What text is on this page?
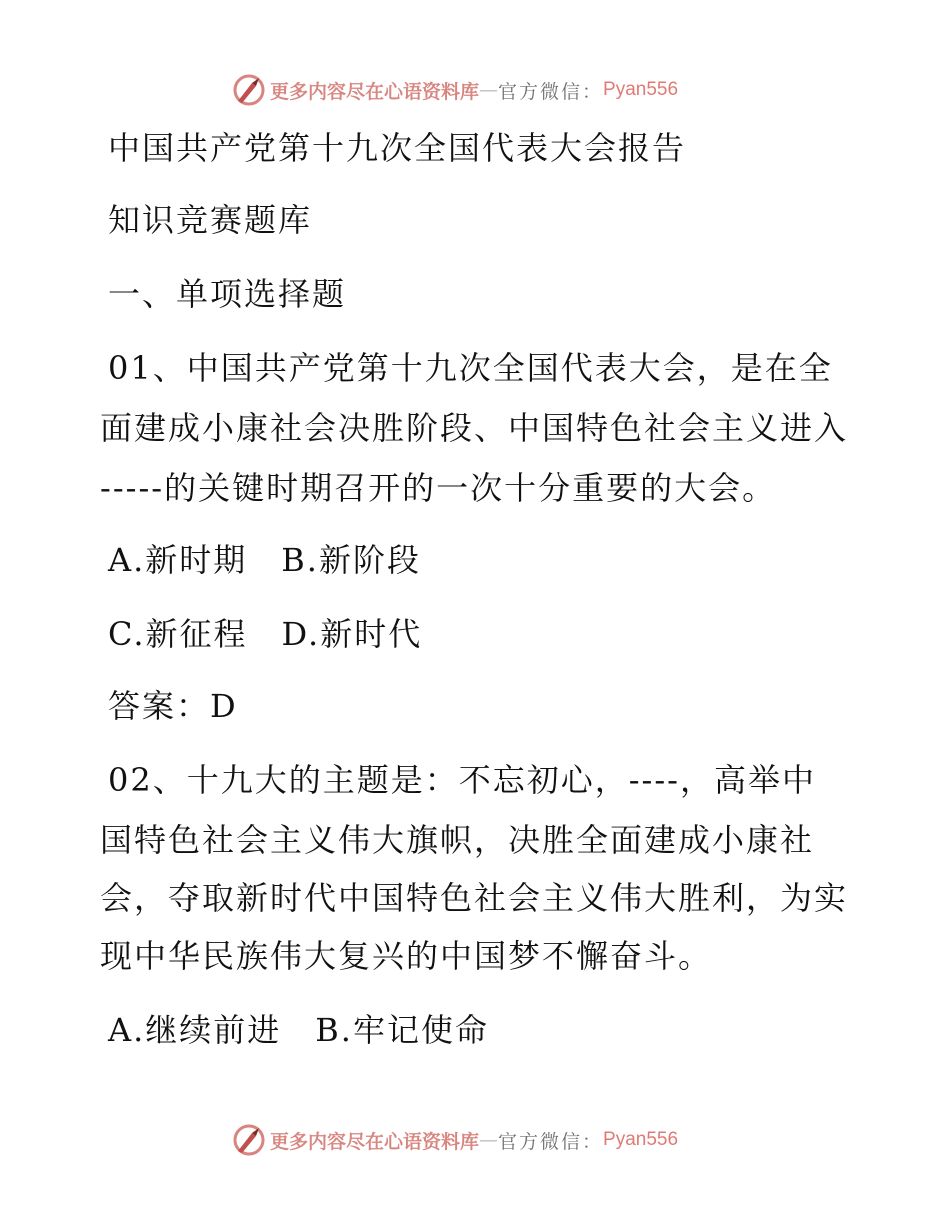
更多内容尽在心语资料库 — 官方微信： Pyan556
中国共产党第十九次全国代表大会报告
知识竞赛题库
一、单项选择题
01、中国共产党第十九次全国代表大会，是在全
面建成小康社会决胜阶段、中国特色社会主义进入
-----的关键时期召开的一次十分重要的大会。
A.新时期　B.新阶段
C.新征程　D.新时代
答案：D
02、十九大的主题是：不忘初心，----，高举中
国特色社会主义伟大旗帜，决胜全面建成小康社
会，夺取新时代中国特色社会主义伟大胜利，为实
现中华民族伟大复兴的中国梦不懈奋斗。
A.继续前进　B.牢记使命
更多内容尽在心语资料库 — 官方微信： Pyan556
